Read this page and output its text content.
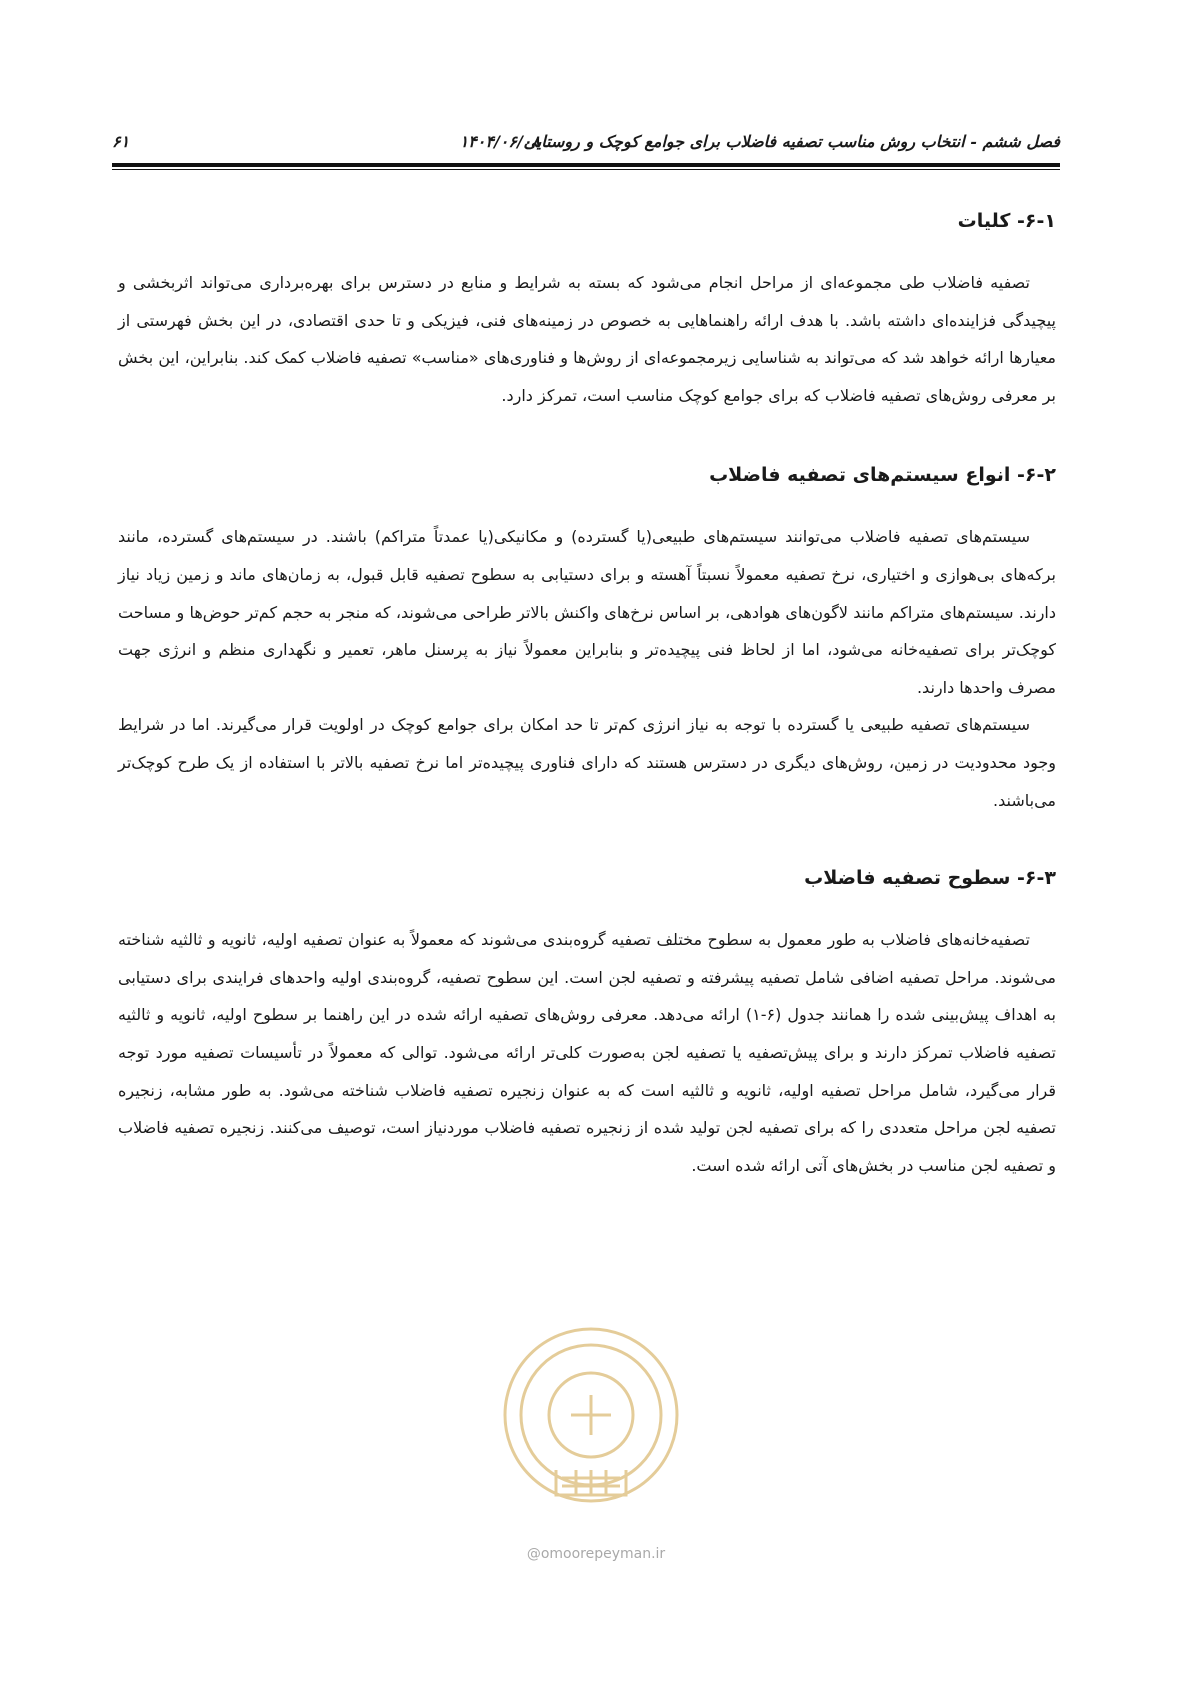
فصل ششم - انتخاب روش مناسب تصفیه فاضلاب برای جوامع کوچک و روستایی
۱۴۰۴/۰۶/۰۸
۶۱
۶-۱- کلیات

تصفیه فاضلاب طی مجموعه‌ای از مراحل انجام می‌شود که بسته به شرایط و منابع در دسترس برای بهره‌برداری می‌تواند اثربخشی و پیچیدگی فزاینده‌ای داشته باشد. با هدف ارائه راهنماهایی به خصوص در زمینه‌های فنی، فیزیکی و تا حدی اقتصادی، در این بخش فهرستی از معیارها ارائه خواهد شد که می‌تواند به شناسایی زیرمجموعه‌ای از روش‌ها و فناوری‌های «مناسب» تصفیه فاضلاب کمک کند. بنابراین، این بخش بر معرفی روش‌های تصفیه فاضلاب که برای جوامع کوچک مناسب است، تمرکز دارد.

۶-۲- انواع سیستم‌های تصفیه فاضلاب

سیستم‌های تصفیه فاضلاب می‌توانند سیستم‌های طبیعی(یا گسترده) و مکانیکی(یا عمدتاً متراکم) باشند. در سیستم‌های گسترده، مانند برکه‌های بی‌هوازی و اختیاری، نرخ تصفیه معمولاً نسبتاً آهسته و برای دستیابی به سطوح تصفیه قابل قبول، به زمان‌های ماند و زمین زیاد نیاز دارند. سیستم‌های متراکم مانند لاگون‌های هوادهی، بر اساس نرخ‌های واکنش بالاتر طراحی می‌شوند، که منجر به حجم کم‌تر حوض‌ها و مساحت کوچک‌تر برای تصفیه‌خانه می‌شود، اما از لحاظ فنی پیچیده‌تر و بنابراین معمولاً نیاز به پرسنل ماهر، تعمیر و نگهداری منظم و انرژی جهت مصرف واحدها دارند.

سیستم‌های تصفیه طبیعی یا گسترده با توجه به نیاز انرژی کم‌تر تا حد امکان برای جوامع کوچک در اولویت قرار می‌گیرند. اما در شرایط وجود محدودیت در زمین، روش‌های دیگری در دسترس هستند که دارای فناوری پیچیده‌تر اما نرخ تصفیه بالاتر با استفاده از یک طرح کوچک‌تر می‌باشند.

۶-۳- سطوح تصفیه فاضلاب

تصفیه‌خانه‌های فاضلاب به طور معمول به سطوح مختلف تصفیه گروه‌بندی می‌شوند که معمولاً به عنوان تصفیه اولیه، ثانویه و ثالثیه شناخته می‌شوند. مراحل تصفیه اضافی شامل تصفیه پیشرفته و تصفیه لجن است. این سطوح تصفیه، گروه‌بندی اولیه واحدهای فرایندی برای دستیابی به اهداف پیش‌بینی شده را همانند جدول (۶-۱) ارائه می‌دهد. معرفی روش‌های تصفیه ارائه شده در این راهنما بر سطوح اولیه، ثانویه و ثالثیه تصفیه فاضلاب تمرکز دارند و برای پیش‌تصفیه یا تصفیه لجن به‌صورت کلی‌تر ارائه می‌شود. توالی که معمولاً در تأسیسات تصفیه مورد توجه قرار می‌گیرد، شامل مراحل تصفیه اولیه، ثانویه و ثالثیه است که به عنوان زنجیره تصفیه فاضلاب شناخته می‌شود. به طور مشابه، زنجیره تصفیه لجن مراحل متعددی را که برای تصفیه لجن تولید شده از زنجیره تصفیه فاضلاب موردنیاز است، توصیف می‌کنند. زنجیره تصفیه فاضلاب و تصفیه لجن مناسب در بخش‌های آتی ارائه شده است.

@omoorepeyman.ir
